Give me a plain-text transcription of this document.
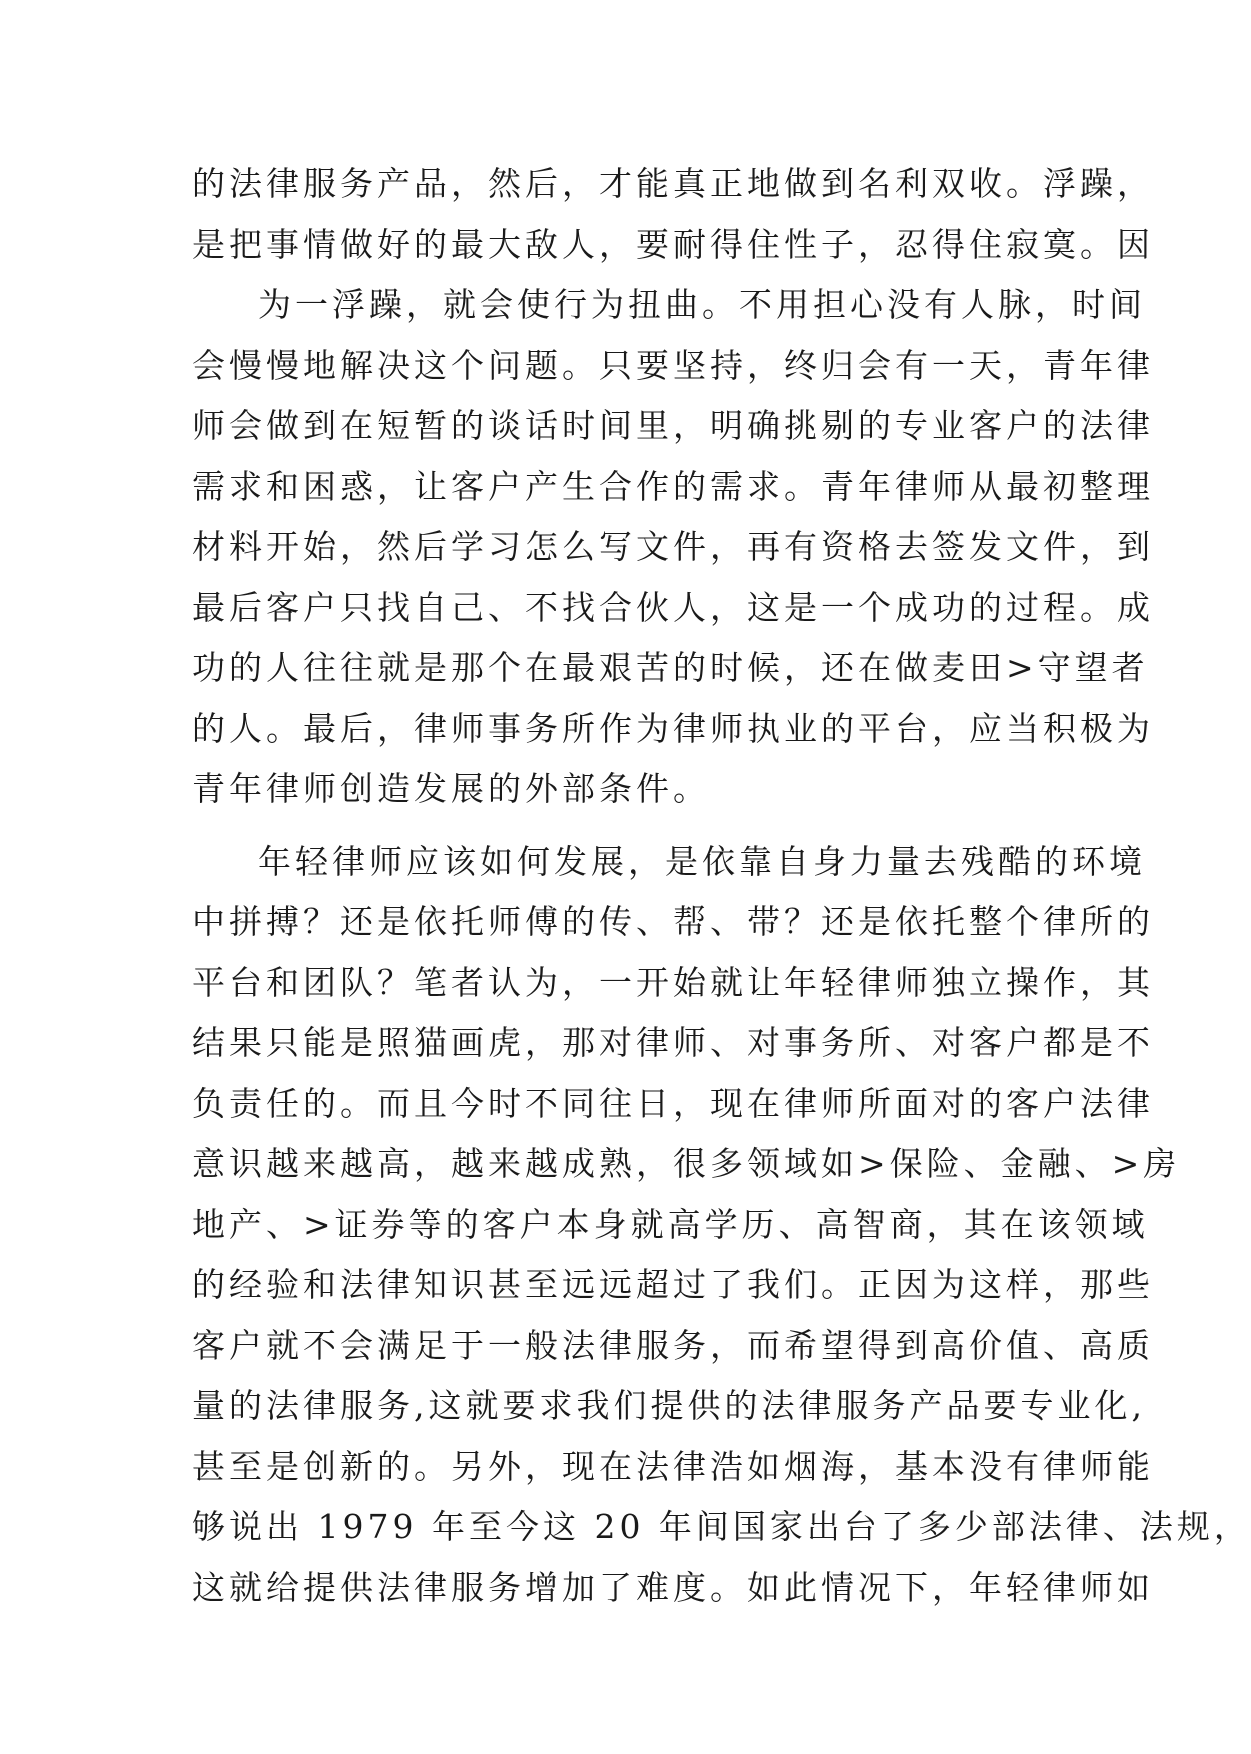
的法律服务产品，然后，才能真正地做到名利双收。浮躁，
是把事情做好的最大敌人，要耐得住性子，忍得住寂寞。因
为一浮躁，就会使行为扭曲。不用担心没有人脉，时间
会慢慢地解决这个问题。只要坚持，终归会有一天，青年律
师会做到在短暂的谈话时间里，明确挑剔的专业客户的法律
需求和困惑，让客户产生合作的需求。青年律师从最初整理
材料开始，然后学习怎么写文件，再有资格去签发文件，到
最后客户只找自己、不找合伙人，这是一个成功的过程。成
功的人往往就是那个在最艰苦的时候，还在做麦田>守望者
的人。最后，律师事务所作为律师执业的平台，应当积极为
青年律师创造发展的外部条件。
年轻律师应该如何发展，是依靠自身力量去残酷的环境
中拼搏？还是依托师傅的传、帮、带？还是依托整个律所的
平台和团队？笔者认为，一开始就让年轻律师独立操作，其
结果只能是照猫画虎，那对律师、对事务所、对客户都是不
负责任的。而且今时不同往日，现在律师所面对的客户法律
意识越来越高，越来越成熟，很多领域如>保险、金融、>房
地产、>证券等的客户本身就高学历、高智商，其在该领域
的经验和法律知识甚至远远超过了我们。正因为这样，那些
客户就不会满足于一般法律服务，而希望得到高价值、高质
量的法律服务,这就要求我们提供的法律服务产品要专业化,
甚至是创新的。另外，现在法律浩如烟海，基本没有律师能
够说出 1979 年至今这 20 年间国家出台了多少部法律、法规，
这就给提供法律服务增加了难度。如此情况下，年轻律师如
